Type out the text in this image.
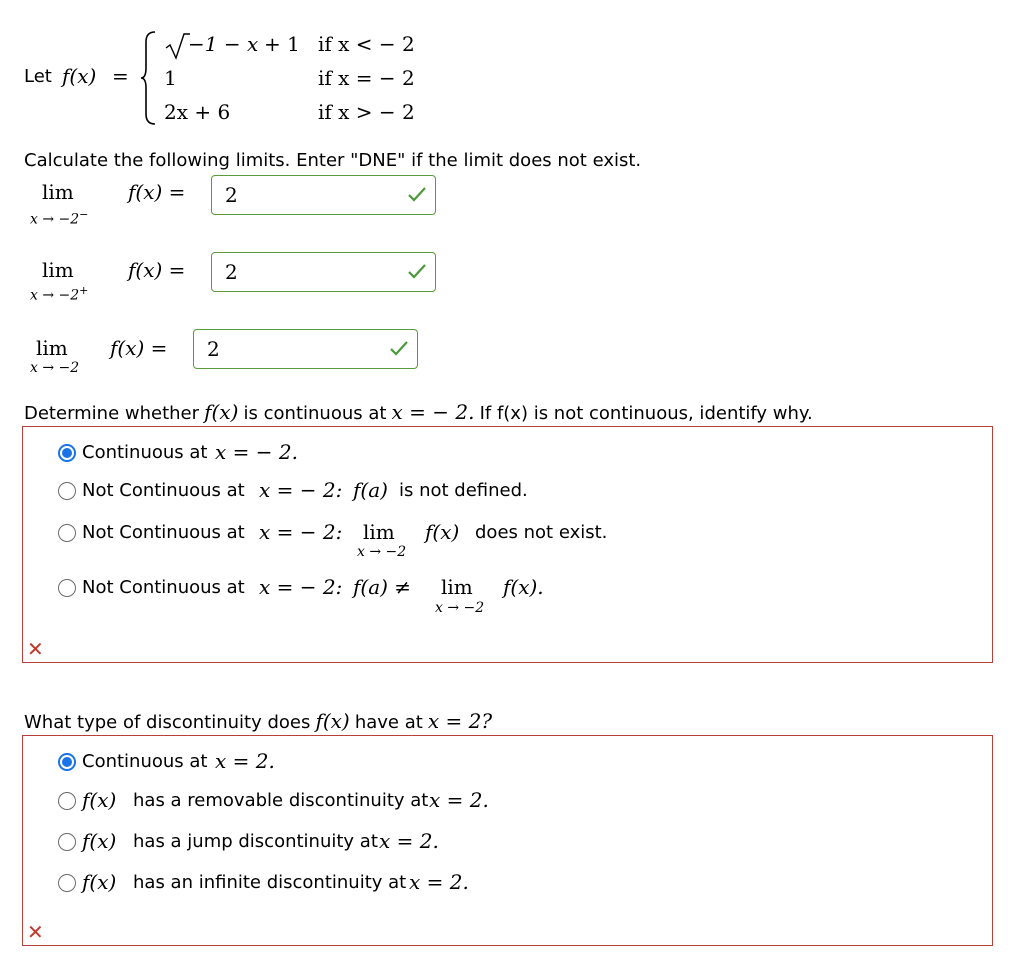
Let f(x) =
−1 − x + 1 if x < − 2
1	if x = − 2
2x + 6	if x > − 2
Calculate the following limits. Enter "DNE" if the limit does not exist.
lim
x → −2−
f(x) = 2
lim
x → −2+
f(x) = 2
lim
x → −2
f(x) = 2
Determine whether f(x) is continuous at x = − 2. If f(x) is not continuous, identify why.
Continuous at x = − 2.
Not Continuous at x = − 2: f(a) is not defined.
Not Continuous at x = − 2: lim
x → −2
f(x) does not exist.
Not Continuous at x = − 2: f(a) ≠ lim
x → −2
f(x).
✕
What type of discontinuity does f(x) have at x = 2?
Continuous at x = 2.
f(x) has a removable discontinuity at x = 2.
f(x) has a jump discontinuity at x = 2.
f(x) has an infinite discontinuity at x = 2.
✕
